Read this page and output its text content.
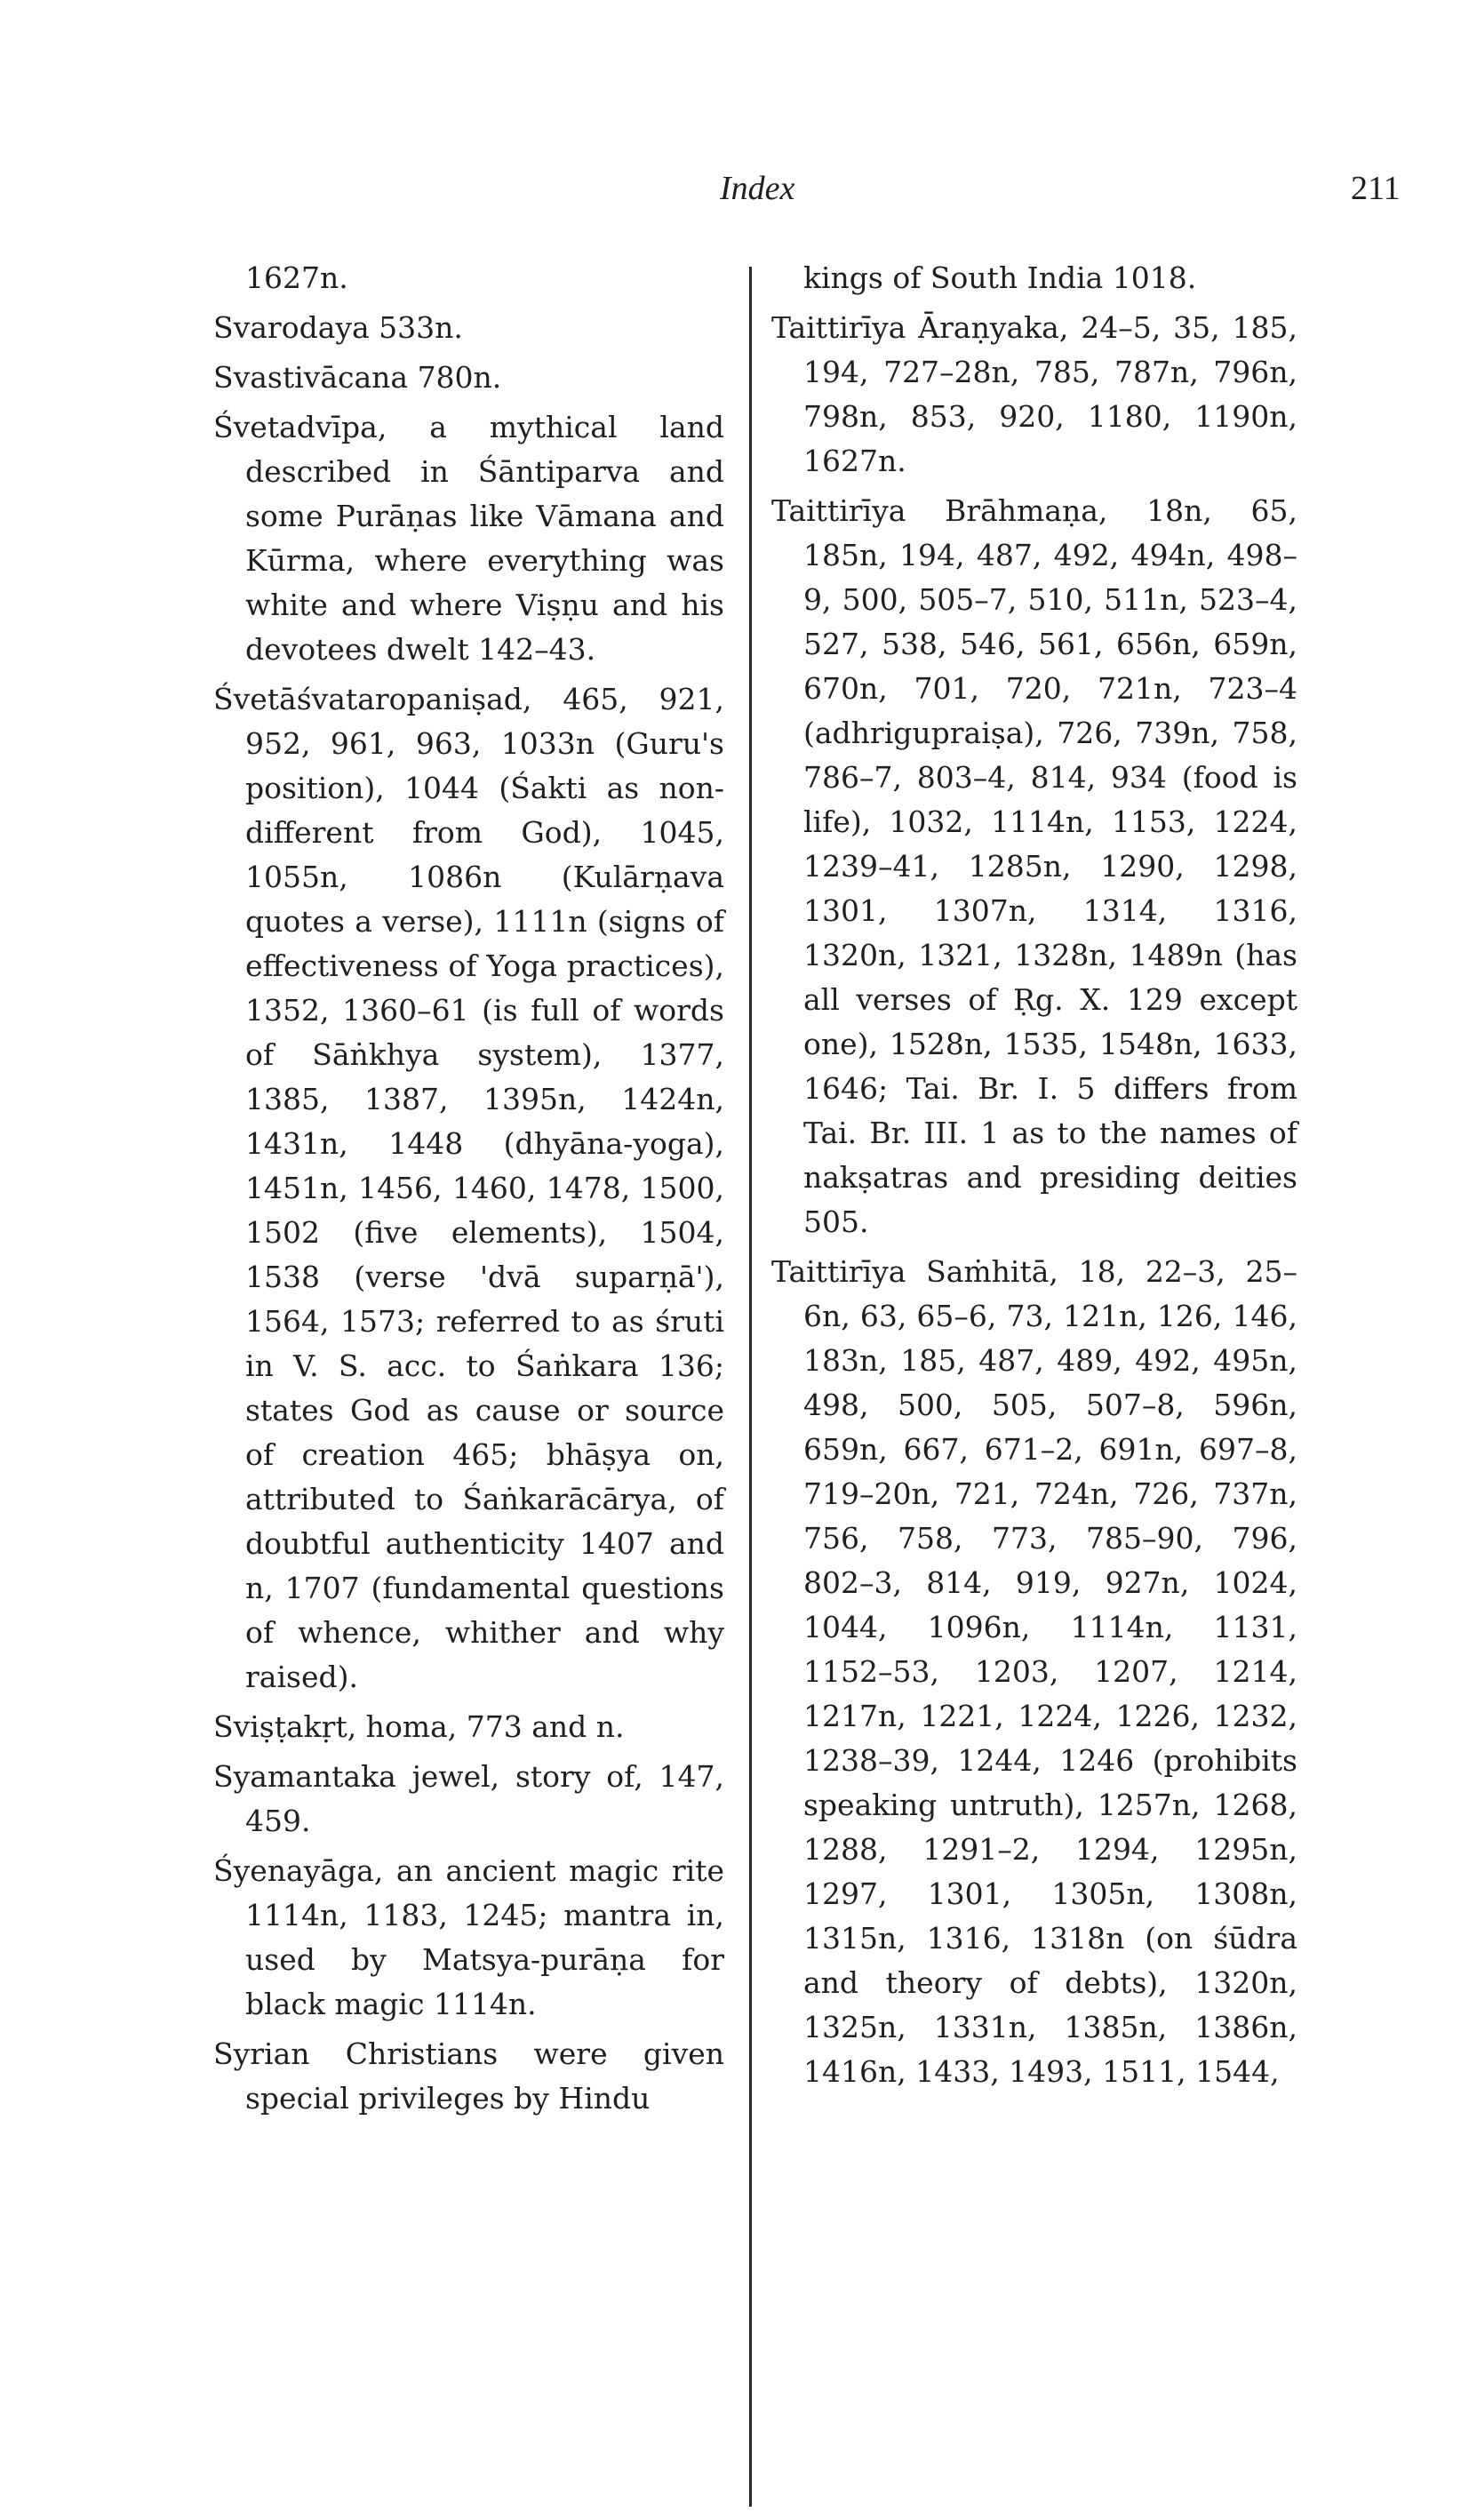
Index	211

1627n.

Svarodaya 533n.

Svastivācana 780n.

Śvetadvīpa, a mythical land described in Śāntiparva and some Purāṇas like Vāmana and Kūrma, where everything was white and where Viṣṇu and his devotees dwelt 142–43.

Śvetāśvataropaniṣad, 465, 921, 952, 961, 963, 1033n (Guru's position), 1044 (Śakti as non-different from God), 1045, 1055n, 1086n (Kulārṇava quotes a verse), 1111n (signs of effectiveness of Yoga practices), 1352, 1360–61 (is full of words of Sāṅkhya system), 1377, 1385, 1387, 1395n, 1424n, 1431n, 1448 (dhyāna-yoga), 1451n, 1456, 1460, 1478, 1500, 1502 (five elements), 1504, 1538 (verse 'dvā suparṇā'), 1564, 1573; referred to as śruti in V. S. acc. to Śaṅkara 136; states God as cause or source of creation 465; bhāṣya on, attributed to Śaṅkarācārya, of doubtful authenticity 1407 and n, 1707 (fundamental questions of whence, whither and why raised).

Sviṣṭakṛt, homa, 773 and n.

Syamantaka jewel, story of, 147, 459.

Śyenayāga, an ancient magic rite 1114n, 1183, 1245; mantra in, used by Matsya-purāṇa for black magic 1114n.

Syrian Christians were given special privileges by Hindu

kings of South India 1018.

Taittirīya Āraṇyaka, 24–5, 35, 185, 194, 727–28n, 785, 787n, 796n, 798n, 853, 920, 1180, 1190n, 1627n.

Taittirīya Brāhmaṇa, 18n, 65, 185n, 194, 487, 492, 494n, 498–9, 500, 505–7, 510, 511n, 523–4, 527, 538, 546, 561, 656n, 659n, 670n, 701, 720, 721n, 723–4 (adhrigupraiṣa), 726, 739n, 758, 786–7, 803–4, 814, 934 (food is life), 1032, 1114n, 1153, 1224, 1239–41, 1285n, 1290, 1298, 1301, 1307n, 1314, 1316, 1320n, 1321, 1328n, 1489n (has all verses of Ṛg. X. 129 except one), 1528n, 1535, 1548n, 1633, 1646; Tai. Br. I. 5 differs from Tai. Br. III. 1 as to the names of nakṣatras and presiding deities 505.

Taittirīya Saṁhitā, 18, 22–3, 25–6n, 63, 65–6, 73, 121n, 126, 146, 183n, 185, 487, 489, 492, 495n, 498, 500, 505, 507–8, 596n, 659n, 667, 671–2, 691n, 697–8, 719–20n, 721, 724n, 726, 737n, 756, 758, 773, 785–90, 796, 802–3, 814, 919, 927n, 1024, 1044, 1096n, 1114n, 1131, 1152–53, 1203, 1207, 1214, 1217n, 1221, 1224, 1226, 1232, 1238–39, 1244, 1246 (prohibits speaking untruth), 1257n, 1268, 1288, 1291–2, 1294, 1295n, 1297, 1301, 1305n, 1308n, 1315n, 1316, 1318n (on śūdra and theory of debts), 1320n, 1325n, 1331n, 1385n, 1386n, 1416n, 1433, 1493, 1511, 1544,
